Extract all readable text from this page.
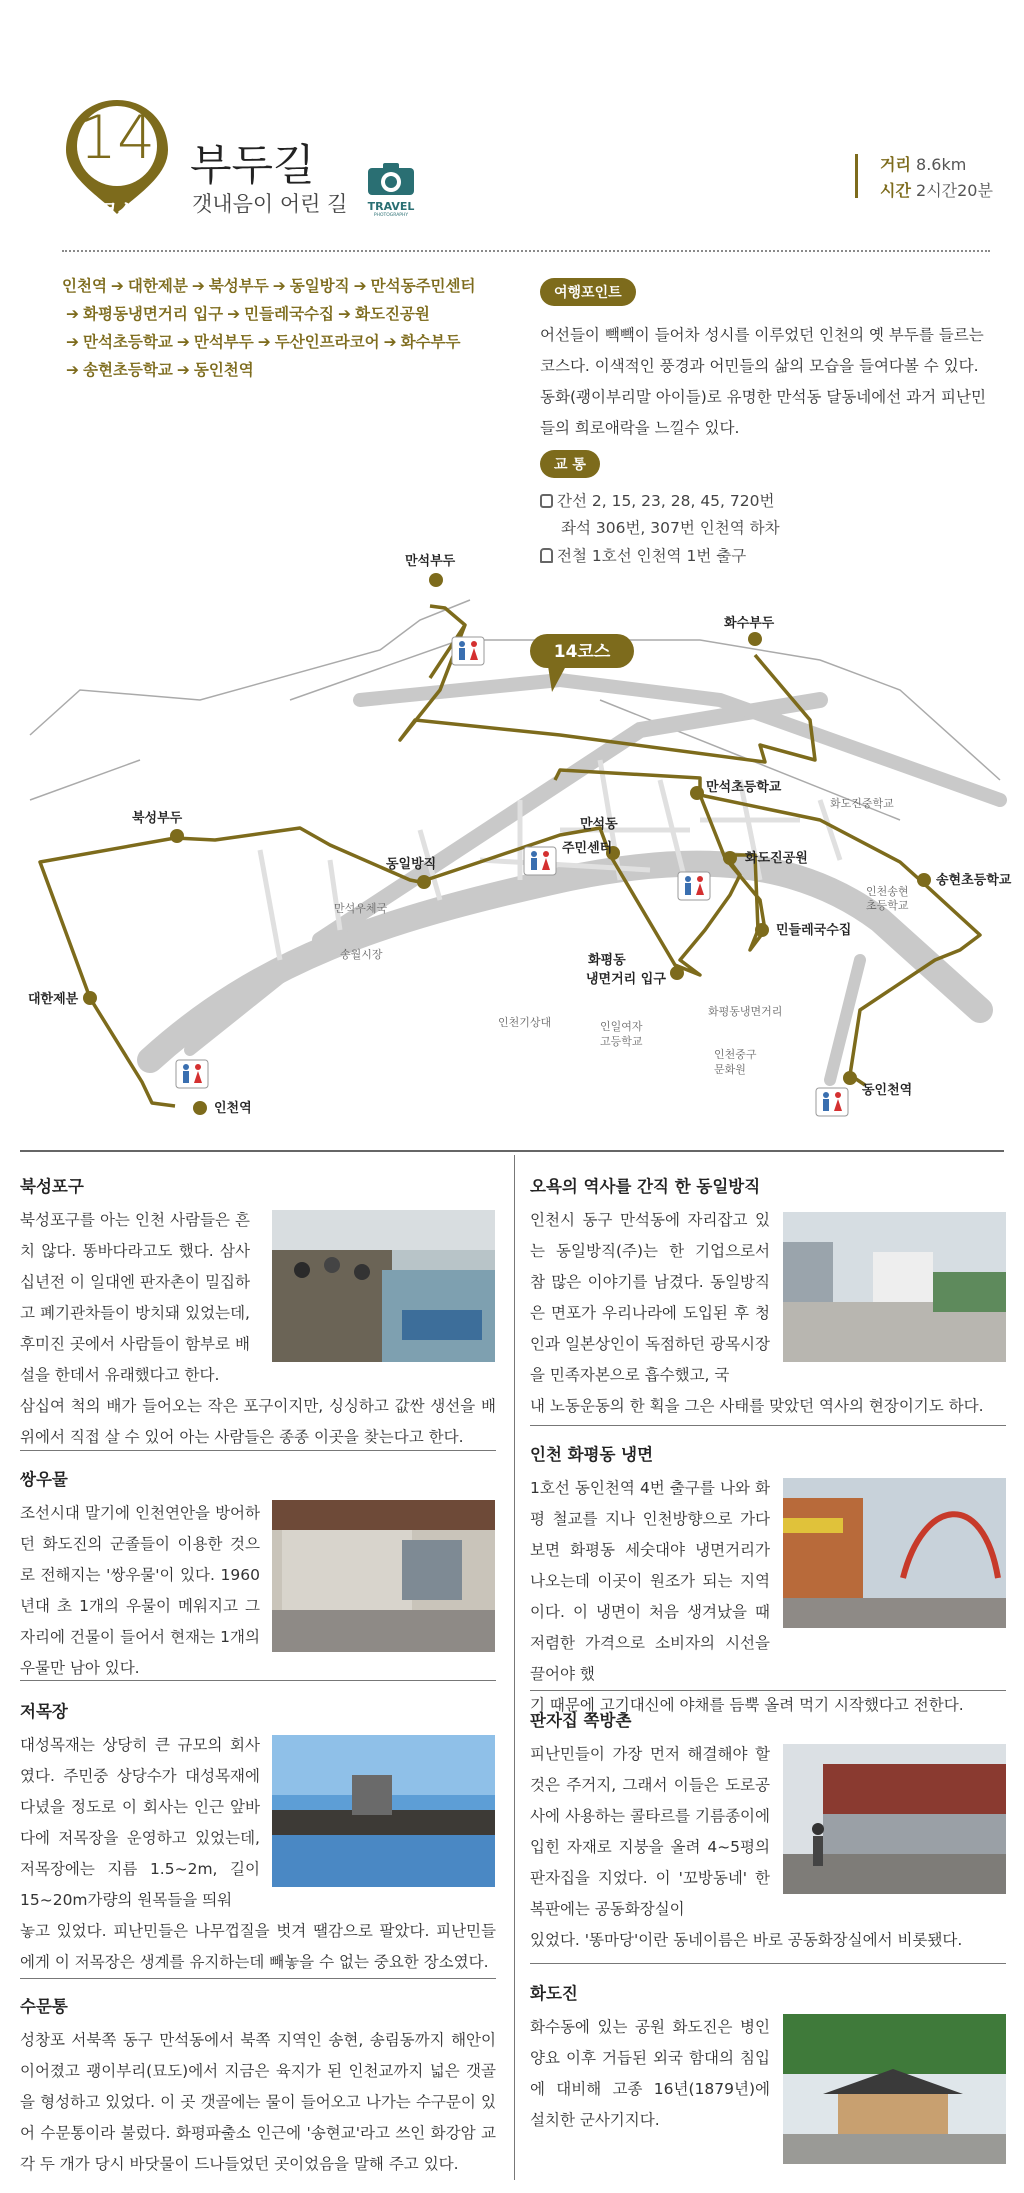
14
코스
부두길
갯내음이 어린 길 TRAVEL
PHOTOGRAPHY
거리 8.6km
시간 2시간20분
인천역 ➔ 대한제분 ➔ 북성부두 ➔ 동일방직 ➔ 만석동주민센터
➔ 화평동냉면거리 입구 ➔ 민들레국수집 ➔ 화도진공원
➔ 만석초등학교 ➔ 만석부두 ➔ 두산인프라코어 ➔ 화수부두
➔ 송현초등학교 ➔ 동인천역
여행포인트
어선들이 빽빽이 들어차 성시를 이루었던 인천의 옛 부두를 들르는 코스다. 이색적인 풍경과 어민들의 삶의 모습을 들여다볼 수 있다. 동화(괭이부리말 아이들)로 유명한 만석동 달동네에선 과거 피난민들의 희로애락을 느낄수 있다.
교 통
간선 2, 15, 23, 28, 45, 720번
좌석 306번, 307번 인천역 하차
전철 1호선 인천역 1번 출구
14코스
만석부두
화수부두
북성부두
동일방직
만석동
주민센터
만석초등학교
화도진공원
송현초등학교
민들레국수집
화평동
냉면거리 입구
대한제분
인천역
동인천역
화도진중학교
인천송현
초등학교
만석우체국
송월시장
인천기상대	인일여자
고등학교
화평동냉면거리
인천중구
문화원
북성포구

북성포구를 아는 인천 사람들은 흔치 않다. 똥바다라고도 했다. 삼사십년전 이 일대엔 판자촌이 밀집하고 폐기관차들이 방치돼 있었는데, 후미진 곳에서 사람들이 함부로 배설을 한데서 유래했다고 한다.

삼십여 척의 배가 들어오는 작은 포구이지만, 싱싱하고 값싼 생선을 배 위에서 직접 살 수 있어 아는 사람들은 종종 이곳을 찾는다고 한다.

쌍우물

조선시대 말기에 인천연안을 방어하던 화도진의 군졸들이 이용한 것으로 전해지는 '쌍우물'이 있다. 1960년대 초 1개의 우물이 메워지고 그 자리에 건물이 들어서 현재는 1개의 우물만 남아 있다.

저목장

대성목재는 상당히 큰 규모의 회사였다. 주민중 상당수가 대성목재에 다녔을 정도로 이 회사는 인근 앞바다에 저목장을 운영하고 있었는데, 저목장에는 지름 1.5~2m, 길이 15~20m가량의 원목들을 띄워

놓고 있었다. 피난민들은 나무껍질을 벗겨 땔감으로 팔았다. 피난민들에게 이 저목장은 생계를 유지하는데 빼놓을 수 없는 중요한 장소였다.

수문통

성창포 서북쪽 동구 만석동에서 북쪽 지역인 송현, 송림동까지 해안이 이어졌고 괭이부리(묘도)에서 지금은 육지가 된 인천교까지 넓은 갯골을 형성하고 있었다. 이 곳 갯골에는 물이 들어오고 나가는 수구문이 있어 수문통이라 불렀다. 화평파출소 인근에 '송현교'라고 쓰인 화강암 교각 두 개가 당시 바닷물이 드나들었던 곳이었음을 말해 주고 있다.

오욕의 역사를 간직 한 동일방직

인천시 동구 만석동에 자리잡고 있는 동일방직(주)는 한 기업으로서 참 많은 이야기를 남겼다. 동일방직은 면포가 우리나라에 도입된 후 청인과 일본상인이 독점하던 광목시장을 민족자본으로 흡수했고, 국

내 노동운동의 한 획을 그은 사태를 맞았던 역사의 현장이기도 하다.

인천 화평동 냉면

1호선 동인천역 4번 출구를 나와 화평 철교를 지나 인천방향으로 가다보면 화평동 세숫대야 냉면거리가 나오는데 이곳이 원조가 되는 지역이다. 이 냉면이 처음 생겨났을 때 저렴한 가격으로 소비자의 시선을 끌어야 했

기 때문에 고기대신에 야채를 듬뿍 올려 먹기 시작했다고 전한다.

판자집 쪽방촌

피난민들이 가장 먼저 해결해야 할 것은 주거지, 그래서 이들은 도로공사에 사용하는 콜타르를 기름종이에 입힌 자재로 지붕을 올려 4~5평의 판자집을 지었다. 이 '꼬방동네' 한 복판에는 공동화장실이

있었다. '똥마당'이란 동네이름은 바로 공동화장실에서 비롯됐다.

화도진

화수동에 있는 공원 화도진은 병인양요 이후 거듭된 외국 함대의 침입에 대비해 고종 16년(1879년)에 설치한 군사기지다.
